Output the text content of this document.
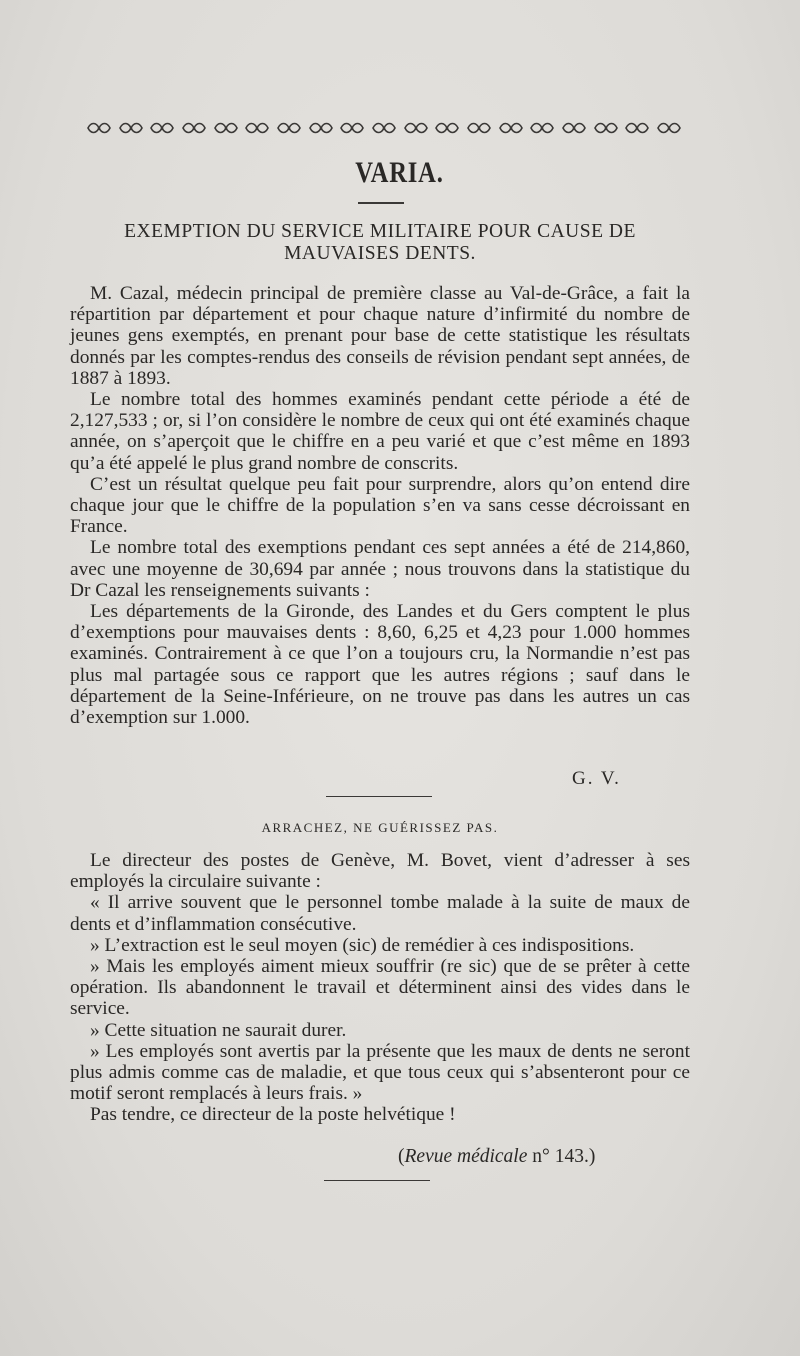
VARIA.
EXEMPTION DU SERVICE MILITAIRE POUR CAUSE DE
MAUVAISES DENTS.

M. Cazal, médecin principal de première classe au Val-de-Grâce, a fait la répartition par département et pour chaque nature d’infirmité du nombre de jeunes gens exemptés, en prenant pour base de cette statistique les résultats donnés par les comptes-rendus des conseils de révision pendant sept années, de 1887 à 1893.

Le nombre total des hommes examinés pendant cette période a été de 2,127,533 ; or, si l’on considère le nombre de ceux qui ont été examinés chaque année, on s’aperçoit que le chiffre en a peu varié et que c’est même en 1893 qu’a été appelé le plus grand nombre de conscrits.

C’est un résultat quelque peu fait pour surprendre, alors qu’on entend dire chaque jour que le chiffre de la population s’en va sans cesse décroissant en France.

Le nombre total des exemptions pendant ces sept années a été de 214,860, avec une moyenne de 30,694 par année ; nous trouvons dans la statistique du Dr Cazal les renseignements suivants :

Les départements de la Gironde, des Landes et du Gers comptent le plus d’exemptions pour mauvaises dents : 8,60, 6,25 et 4,23 pour 1.000 hommes examinés. Contrairement à ce que l’on a toujours cru, la Normandie n’est pas plus mal partagée sous ce rapport que les autres régions ; sauf dans le département de la Seine-Inférieure, on ne trouve pas dans les autres un cas d’exemption sur 1.000.

G. V.
ARRACHEZ, NE GUÉRISSEZ PAS.

Le directeur des postes de Genève, M. Bovet, vient d’adresser à ses employés la circulaire suivante :

« Il arrive souvent que le personnel tombe malade à la suite de maux de dents et d’inflammation consécutive.

» L’extraction est le seul moyen (sic) de remédier à ces indispositions.

» Mais les employés aiment mieux souffrir (re sic) que de se prêter à cette opération. Ils abandonnent le travail et déterminent ainsi des vides dans le service.

» Cette situation ne saurait durer.

» Les employés sont avertis par la présente que les maux de dents ne seront plus admis comme cas de maladie, et que tous ceux qui s’absenteront pour ce motif seront remplacés à leurs frais. »

Pas tendre, ce directeur de la poste helvétique !

(Revue médicale n° 143.)
